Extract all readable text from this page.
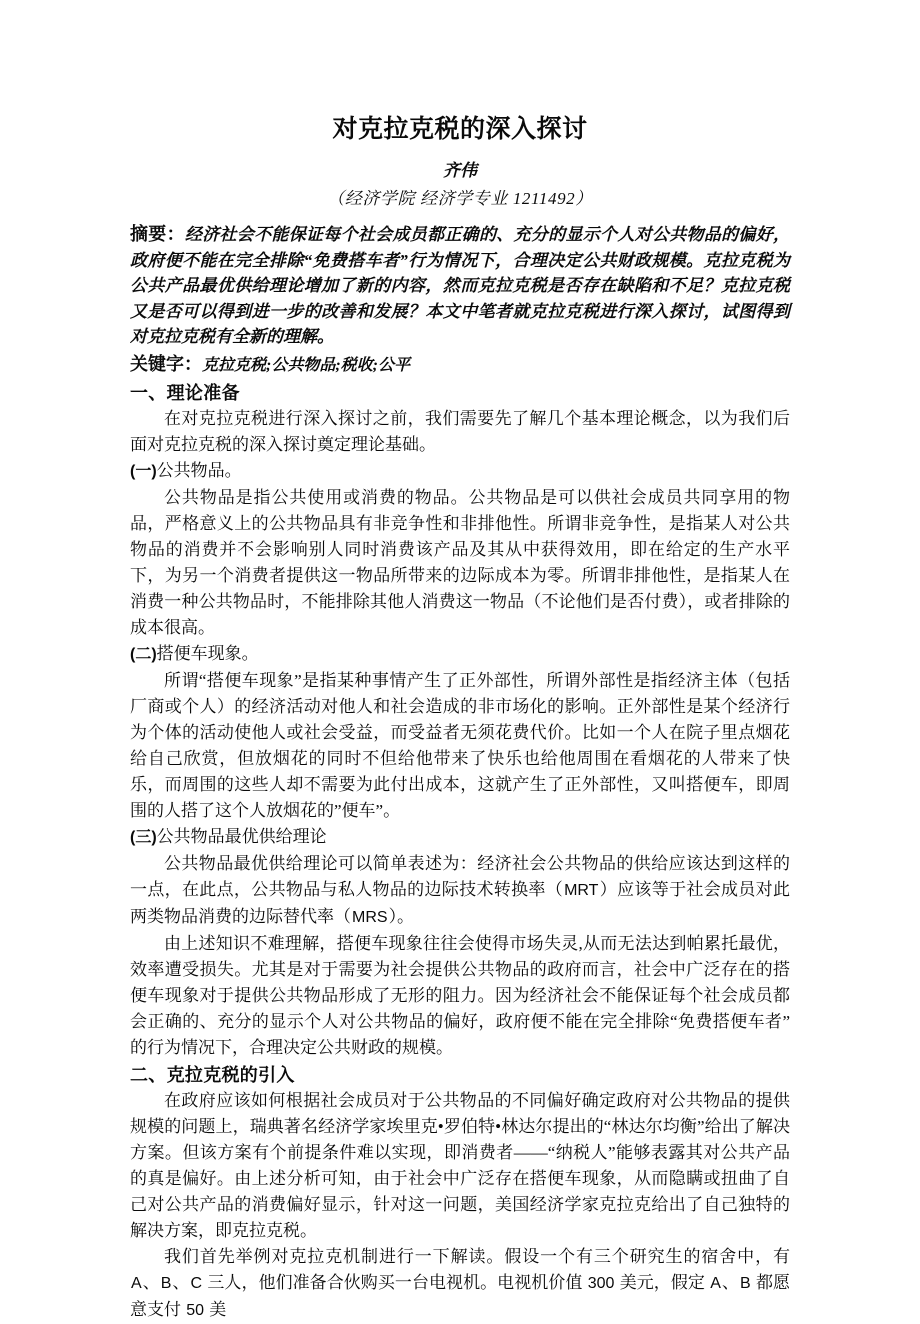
对克拉克税的深入探讨

齐伟

（经济学院 经济学专业 1211492）

摘要：经济社会不能保证每个社会成员都正确的、充分的显示个人对公共物品的偏好，政府便不能在完全排除“免费搭车者”行为情况下，合理决定公共财政规模。克拉克税为公共产品最优供给理论增加了新的内容，然而克拉克税是否存在缺陷和不足？克拉克税又是否可以得到进一步的改善和发展？本文中笔者就克拉克税进行深入探讨，试图得到对克拉克税有全新的理解。

关键字：克拉克税;公共物品;税收;公平

一、理论准备

在对克拉克税进行深入探讨之前，我们需要先了解几个基本理论概念，以为我们后面对克拉克税的深入探讨奠定理论基础。

(一)公共物品。

公共物品是指公共使用或消费的物品。公共物品是可以供社会成员共同享用的物品，严格意义上的公共物品具有非竞争性和非排他性。所谓非竞争性，是指某人对公共物品的消费并不会影响别人同时消费该产品及其从中获得效用，即在给定的生产水平下，为另一个消费者提供这一物品所带来的边际成本为零。所谓非排他性，是指某人在消费一种公共物品时，不能排除其他人消费这一物品（不论他们是否付费），或者排除的成本很高。

(二)搭便车现象。

所谓“搭便车现象”是指某种事情产生了正外部性，所谓外部性是指经济主体（包括厂商或个人）的经济活动对他人和社会造成的非市场化的影响。正外部性是某个经济行为个体的活动使他人或社会受益，而受益者无须花费代价。比如一个人在院子里点烟花给自己欣赏，但放烟花的同时不但给他带来了快乐也给他周围在看烟花的人带来了快乐，而周围的这些人却不需要为此付出成本，这就产生了正外部性，又叫搭便车，即周围的人搭了这个人放烟花的”便车”。

(三)公共物品最优供给理论

公共物品最优供给理论可以简单表述为：经济社会公共物品的供给应该达到这样的一点，在此点，公共物品与私人物品的边际技术转换率（MRT）应该等于社会成员对此两类物品消费的边际替代率（MRS）。

由上述知识不难理解，搭便车现象往往会使得市场失灵,从而无法达到帕累托最优，效率遭受损失。尤其是对于需要为社会提供公共物品的政府而言，社会中广泛存在的搭便车现象对于提供公共物品形成了无形的阻力。因为经济社会不能保证每个社会成员都会正确的、充分的显示个人对公共物品的偏好，政府便不能在完全排除“免费搭便车者”的行为情况下，合理决定公共财政的规模。

二、克拉克税的引入

在政府应该如何根据社会成员对于公共物品的不同偏好确定政府对公共物品的提供规模的问题上，瑞典著名经济学家埃里克•罗伯特•林达尔提出的“林达尔均衡”给出了解决方案。但该方案有个前提条件难以实现，即消费者——“纳税人”能够表露其对公共产品的真是偏好。由上述分析可知，由于社会中广泛存在搭便车现象，从而隐瞒或扭曲了自己对公共产品的消费偏好显示，针对这一问题，美国经济学家克拉克给出了自己独特的解决方案，即克拉克税。

我们首先举例对克拉克机制进行一下解读。假设一个有三个研究生的宿舍中，有 A、B、C 三人，他们准备合伙购买一台电视机。电视机价值 300 美元，假定 A、B 都愿意支付 50 美
